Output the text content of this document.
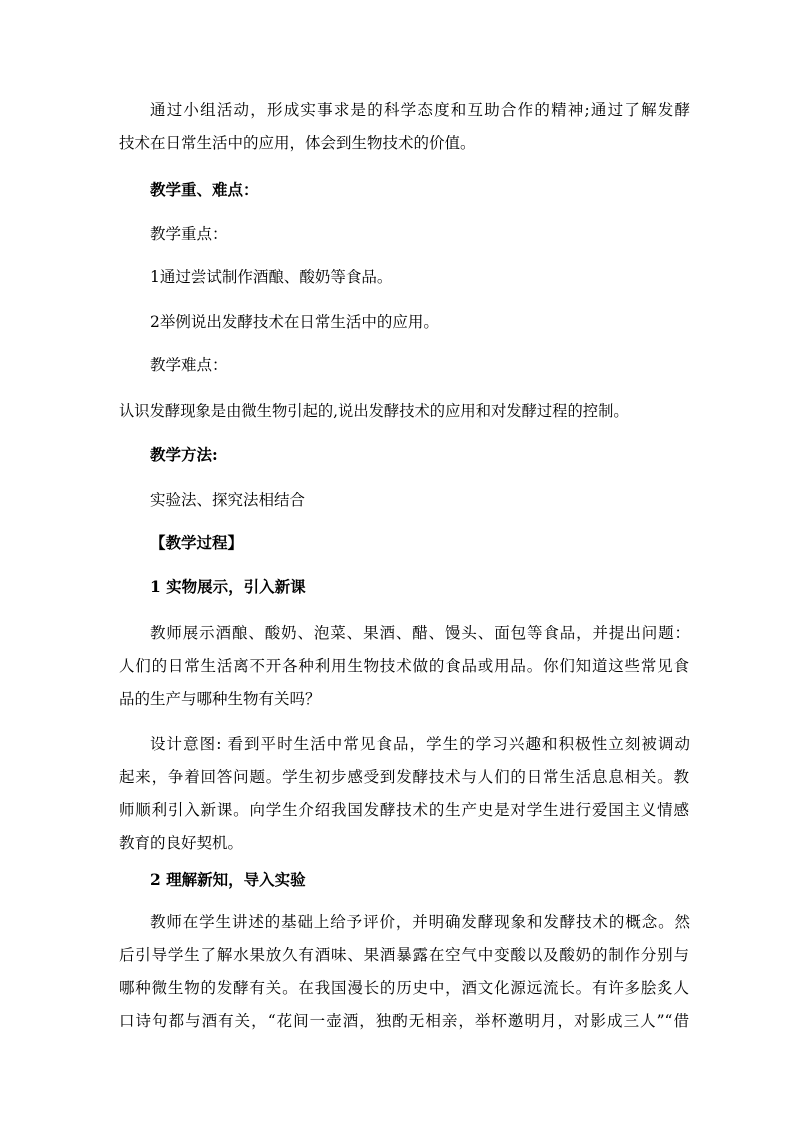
通过小组活动，形成实事求是的科学态度和互助合作的精神;通过了解发酵
技术在日常生活中的应用，体会到生物技术的价值。
教学重、难点：
教学重点：
1通过尝试制作酒酿、酸奶等食品。
2举例说出发酵技术在日常生活中的应用。
教学难点：
认识发酵现象是由微生物引起的,说出发酵技术的应用和对发酵过程的控制。
教学方法:
实验法、探究法相结合
【教学过程】
1 实物展示，引入新课
教师展示酒酿、酸奶、泡菜、果酒、醋、馒头、面包等食品，并提出问题：
人们的日常生活离不开各种利用生物技术做的食品或用品。你们知道这些常见食
品的生产与哪种生物有关吗？
设计意图: 看到平时生活中常见食品，学生的学习兴趣和积极性立刻被调动
起来，争着回答问题。学生初步感受到发酵技术与人们的日常生活息息相关。教
师顺利引入新课。向学生介绍我国发酵技术的生产史是对学生进行爱国主义情感
教育的良好契机。
2 理解新知，导入实验
教师在学生讲述的基础上给予评价，并明确发酵现象和发酵技术的概念。然
后引导学生了解水果放久有酒味、果酒暴露在空气中变酸以及酸奶的制作分别与
哪种微生物的发酵有关。在我国漫长的历史中，酒文化源远流长。有许多脍炙人
口诗句都与酒有关，“花间一壶酒，独酌无相亲，举杯邀明月，对影成三人”“借
